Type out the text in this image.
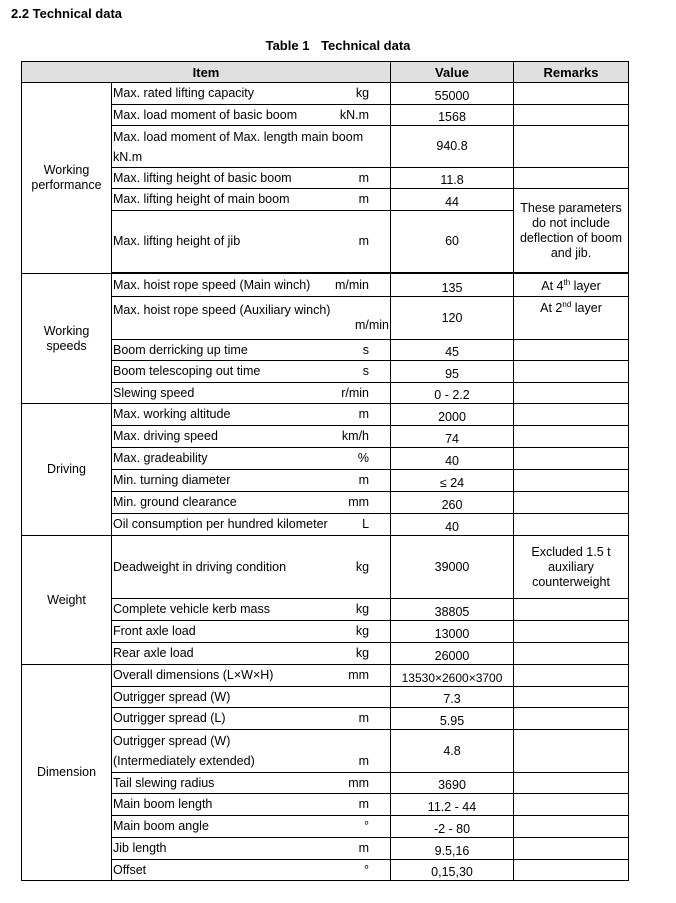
2.2 Technical data
Table 1 Technical data
Item		Value	Remarks
Working performance	Max. rated lifting capacity kg	55000	

	Max. load moment of basic boom kN.m	1568	
	Max. load moment of Max. length main boom kN.m	940.8	

	Max. lifting height of basic boom m	11.8	

	Max. lifting height of main boom m	44	These parameters do not include deflection of boom and jib.

	Max. lifting height of jib m	60	

Working speeds	Max. hoist rope speed (Main winch) m/min	135	At 4th layer

	Max. hoist rope speed (Auxiliary winch)
m/min	120	At 2nd layer

	Boom derricking up time s	45	

	Boom telescoping out time s	95	

	Slewing speed r/min	0 - 2.2	
Driving	Max. working altitude m	2000	

	Max. driving speed km/h	74	

	Max. gradeability %	40	

	Min. turning diameter m	≤ 24	

	Min. ground clearance mm	260	

	Oil consumption per hundred kilometer L	40	
Weight	Deadweight in driving condition kg	39000	Excluded 1.5 t auxiliary counterweight

	Complete vehicle kerb mass kg	38805	

	Front axle load kg	13000	

	Rear axle load kg	26000	
Dimension	Overall dimensions (L×W×H) mm	13530×2600×3700	

	Outrigger spread (W)	7.3	

	Outrigger spread (L) m	5.95	

	Outrigger spread (W)
(Intermediately extended) m	4.8	

	Tail slewing radius mm	3690	

	Main boom length m	11.2 - 44	

	Main boom angle °	-2 - 80	

	Jib length m	9.5,16	

	Offset °	0,15,30	
